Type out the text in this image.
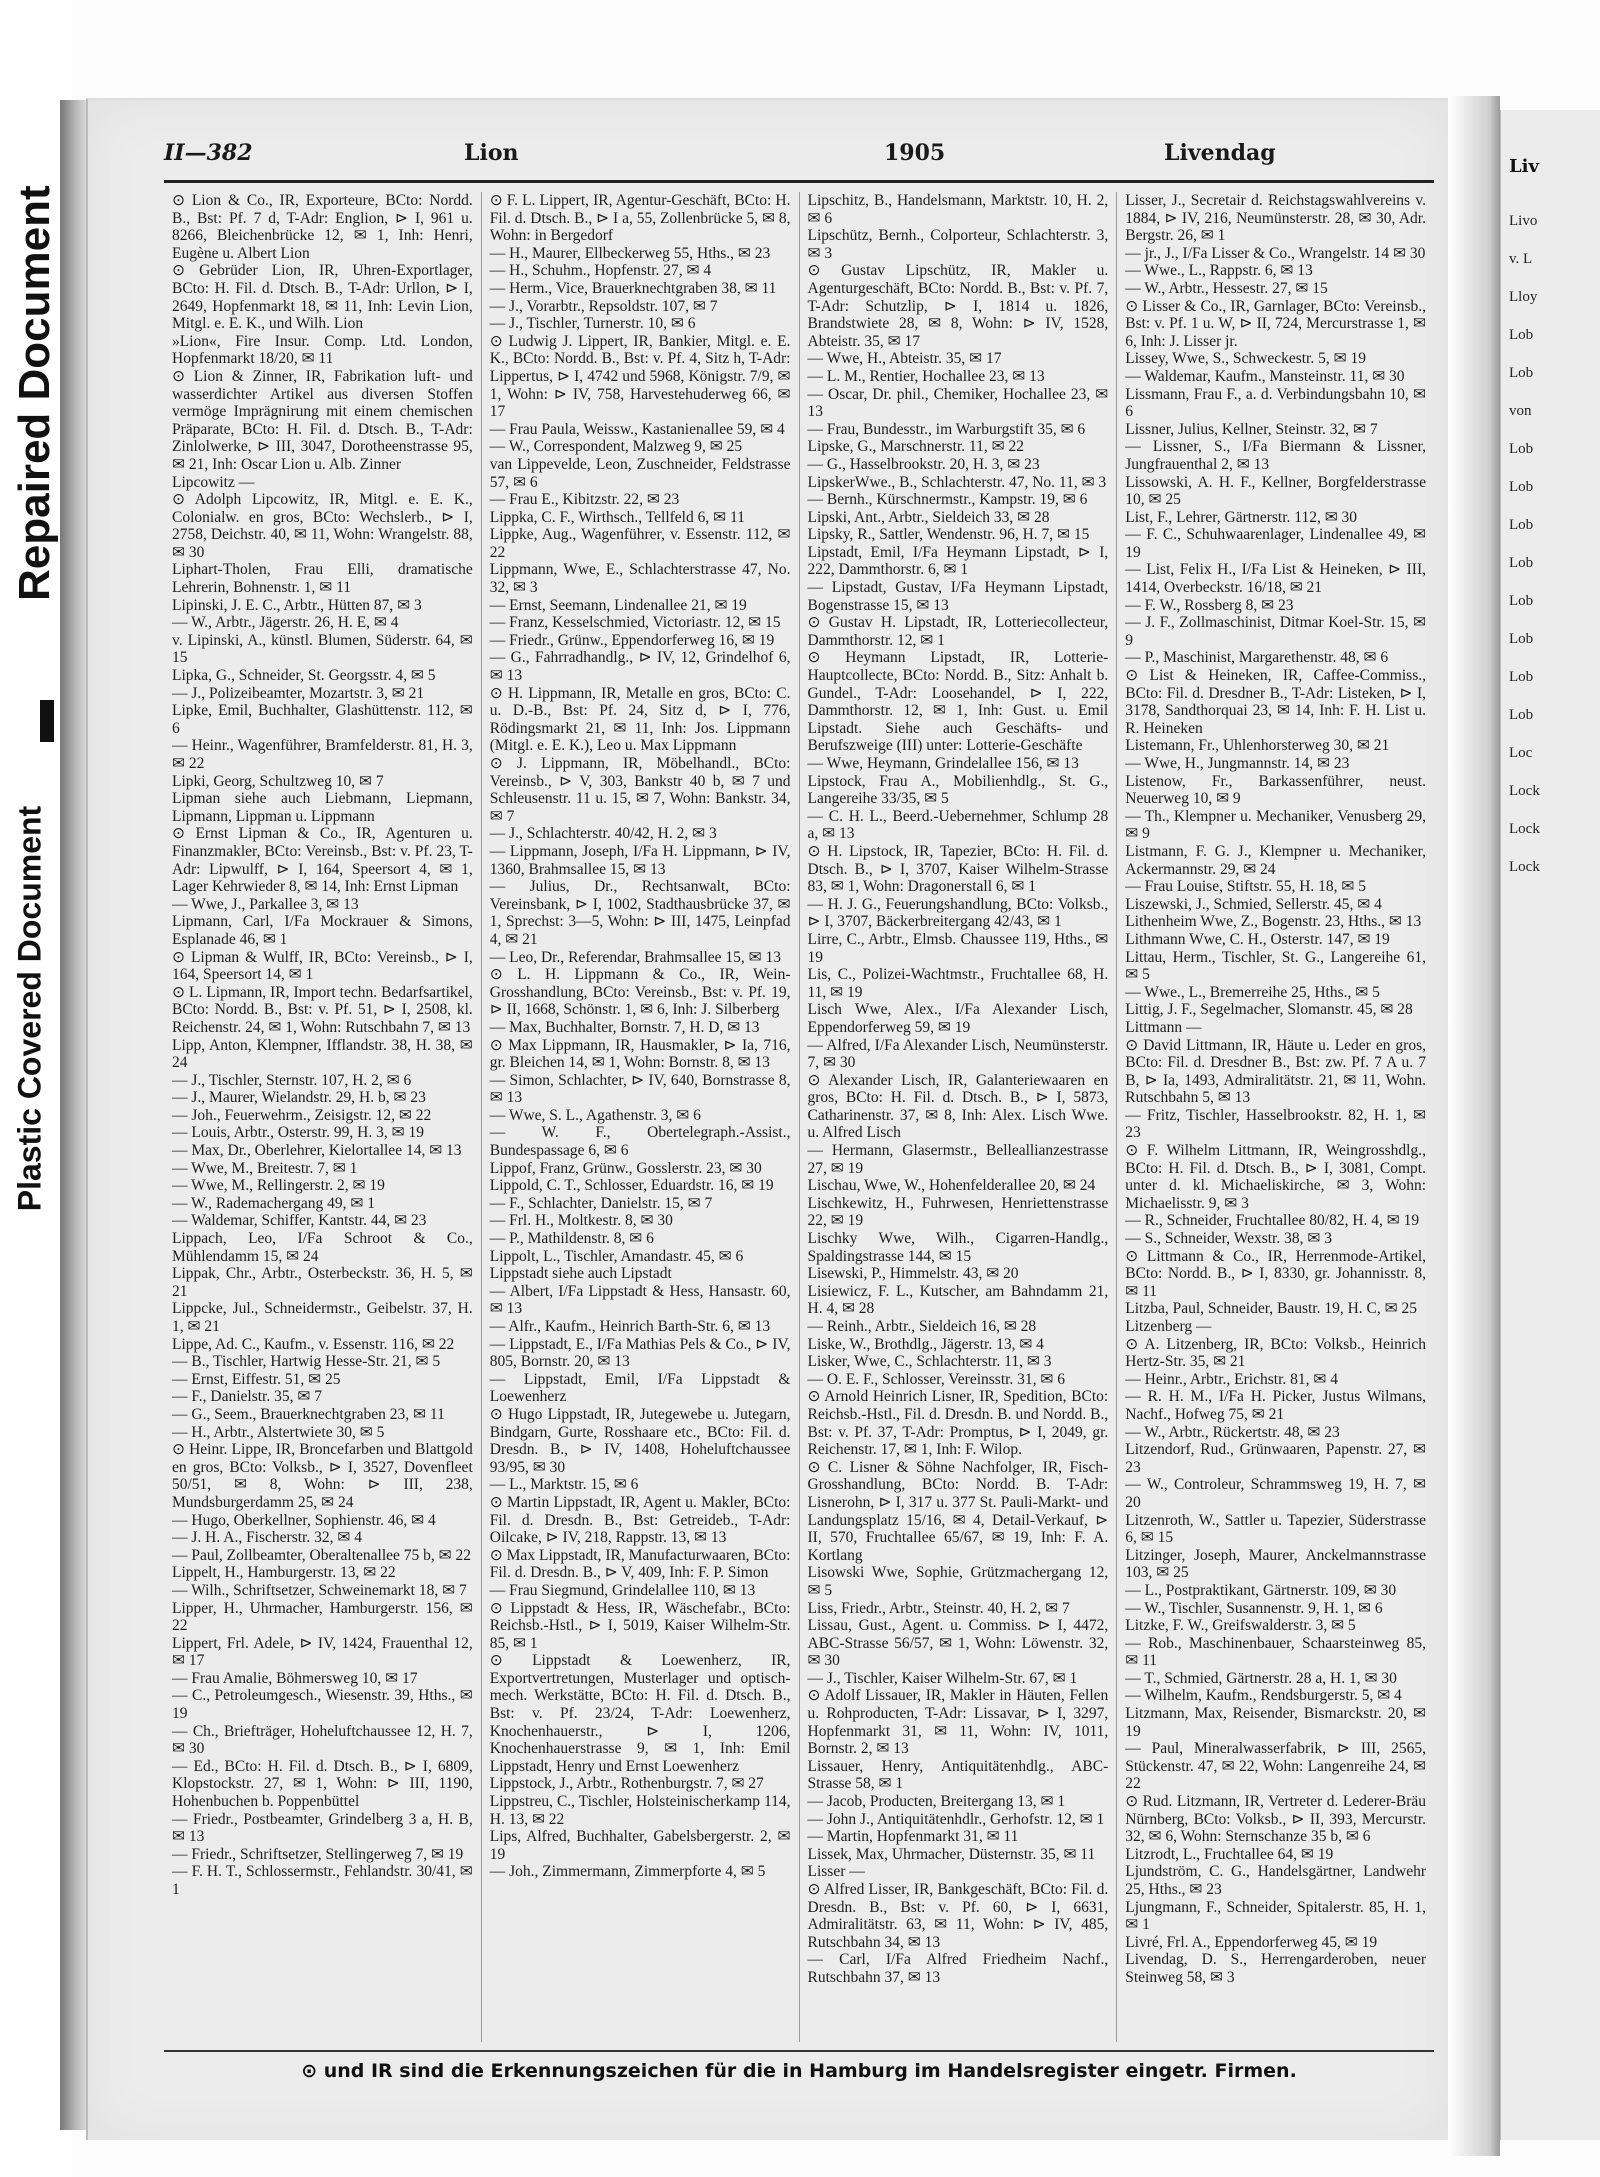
Repaired Document
Plastic Covered Document
II—382	Lion	1905	Livendag

⊙ Lion & Co., IR, Exporteure, BCto: Nordd. B., Bst: Pf. 7 d, T-Adr: Englion, ⊳ I, 961 u. 8266, Bleichenbrücke 12, ✉ 1, Inh: Henri, Eugène u. Albert Lion

⊙ Gebrüder Lion, IR, Uhren-Exportlager, BCto: H. Fil. d. Dtsch. B., T-Adr: Urllon, ⊳ I, 2649, Hopfenmarkt 18, ✉ 11, Inh: Levin Lion, Mitgl. e. E. K., und Wilh. Lion

»Lion«, Fire Insur. Comp. Ltd. London, Hopfenmarkt 18/20, ✉ 11

⊙ Lion & Zinner, IR, Fabrikation luft- und wasserdichter Artikel aus diversen Stoffen vermöge Imprägnirung mit einem chemischen Präparate, BCto: H. Fil. d. Dtsch. B., T-Adr: Zinlolwerke, ⊳ III, 3047, Dorotheenstrasse 95, ✉ 21, Inh: Oscar Lion u. Alb. Zinner

Lipcowitz —

⊙ Adolph Lipcowitz, IR, Mitgl. e. E. K., Colonialw. en gros, BCto: Wechslerb., ⊳ I, 2758, Deichstr. 40, ✉ 11, Wohn: Wrangelstr. 88, ✉ 30

Liphart-Tholen, Frau Elli, dramatische Lehrerin, Bohnenstr. 1, ✉ 11

Lipinski, J. E. C., Arbtr., Hütten 87, ✉ 3

— W., Arbtr., Jägerstr. 26, H. E, ✉ 4

v. Lipinski, A., künstl. Blumen, Süderstr. 64, ✉ 15

Lipka, G., Schneider, St. Georgsstr. 4, ✉ 5

— J., Polizeibeamter, Mozartstr. 3, ✉ 21

Lipke, Emil, Buchhalter, Glashüttenstr. 112, ✉ 6

— Heinr., Wagenführer, Bramfelderstr. 81, H. 3, ✉ 22

Lipki, Georg, Schultzweg 10, ✉ 7

Lipman siehe auch Liebmann, Liepmann, Lipmann, Lippman u. Lippmann

⊙ Ernst Lipman & Co., IR, Agenturen u. Finanzmakler, BCto: Vereinsb., Bst: v. Pf. 23, T-Adr: Lipwulff, ⊳ I, 164, Speersort 4, ✉ 1, Lager Kehrwieder 8, ✉ 14, Inh: Ernst Lipman

— Wwe, J., Parkallee 3, ✉ 13

Lipmann, Carl, I/Fa Mockrauer & Simons, Esplanade 46, ✉ 1

⊙ Lipman & Wulff, IR, BCto: Vereinsb., ⊳ I, 164, Speersort 14, ✉ 1

⊙ L. Lipmann, IR, Import techn. Bedarfsartikel, BCto: Nordd. B., Bst: v. Pf. 51, ⊳ I, 2508, kl. Reichenstr. 24, ✉ 1, Wohn: Rutschbahn 7, ✉ 13

Lipp, Anton, Klempner, Ifflandstr. 38, H. 38, ✉ 24

— J., Tischler, Sternstr. 107, H. 2, ✉ 6

— J., Maurer, Wielandstr. 29, H. b, ✉ 23

— Joh., Feuerwehrm., Zeisigstr. 12, ✉ 22

— Louis, Arbtr., Osterstr. 99, H. 3, ✉ 19

— Max, Dr., Oberlehrer, Kielortallee 14, ✉ 13

— Wwe, M., Breitestr. 7, ✉ 1

— Wwe, M., Rellingerstr. 2, ✉ 19

— W., Rademachergang 49, ✉ 1

— Waldemar, Schiffer, Kantstr. 44, ✉ 23

Lippach, Leo, I/Fa Schroot & Co., Mühlendamm 15, ✉ 24

Lippak, Chr., Arbtr., Osterbeckstr. 36, H. 5, ✉ 21

Lippcke, Jul., Schneidermstr., Geibelstr. 37, H. 1, ✉ 21

Lippe, Ad. C., Kaufm., v. Essenstr. 116, ✉ 22

— B., Tischler, Hartwig Hesse-Str. 21, ✉ 5

— Ernst, Eiffestr. 51, ✉ 25

— F., Danielstr. 35, ✉ 7

— G., Seem., Brauerknechtgraben 23, ✉ 11

— H., Arbtr., Alstertwiete 30, ✉ 5

⊙ Heinr. Lippe, IR, Broncefarben und Blattgold en gros, BCto: Volksb., ⊳ I, 3527, Dovenfleet 50/51, ✉ 8, Wohn: ⊳ III, 238, Mundsburgerdamm 25, ✉ 24

— Hugo, Oberkellner, Sophienstr. 46, ✉ 4

— J. H. A., Fischerstr. 32, ✉ 4

— Paul, Zollbeamter, Oberaltenallee 75 b, ✉ 22

Lippelt, H., Hamburgerstr. 13, ✉ 22

— Wilh., Schriftsetzer, Schweinemarkt 18, ✉ 7

Lipper, H., Uhrmacher, Hamburgerstr. 156, ✉ 22

Lippert, Frl. Adele, ⊳ IV, 1424, Frauenthal 12, ✉ 17

— Frau Amalie, Böhmersweg 10, ✉ 17

— C., Petroleumgesch., Wiesenstr. 39, Hths., ✉ 19

— Ch., Briefträger, Hoheluftchaussee 12, H. 7, ✉ 30

— Ed., BCto: H. Fil. d. Dtsch. B., ⊳ I, 6809, Klopstockstr. 27, ✉ 1, Wohn: ⊳ III, 1190, Hohenbuchen b. Poppenbüttel

— Friedr., Postbeamter, Grindelberg 3 a, H. B, ✉ 13

— Friedr., Schriftsetzer, Stellingerweg 7, ✉ 19

— F. H. T., Schlossermstr., Fehlandstr. 30/41, ✉ 1

⊙ F. L. Lippert, IR, Agentur-Geschäft, BCto: H. Fil. d. Dtsch. B., ⊳ I a, 55, Zollenbrücke 5, ✉ 8, Wohn: in Bergedorf

— H., Maurer, Ellbeckerweg 55, Hths., ✉ 23

— H., Schuhm., Hopfenstr. 27, ✉ 4

— Herm., Vice, Brauerknechtgraben 38, ✉ 11

— J., Vorarbtr., Repsoldstr. 107, ✉ 7

— J., Tischler, Turnerstr. 10, ✉ 6

⊙ Ludwig J. Lippert, IR, Bankier, Mitgl. e. E. K., BCto: Nordd. B., Bst: v. Pf. 4, Sitz h, T-Adr: Lippertus, ⊳ I, 4742 und 5968, Königstr. 7/9, ✉ 1, Wohn: ⊳ IV, 758, Harvestehuderweg 66, ✉ 17

— Frau Paula, Weissw., Kastanienallee 59, ✉ 4

— W., Correspondent, Malzweg 9, ✉ 25

van Lippevelde, Leon, Zuschneider, Feldstrasse 57, ✉ 6

— Frau E., Kibitzstr. 22, ✉ 23

Lippka, C. F., Wirthsch., Tellfeld 6, ✉ 11

Lippke, Aug., Wagenführer, v. Essenstr. 112, ✉ 22

Lippmann, Wwe, E., Schlachterstrasse 47, No. 32, ✉ 3

— Ernst, Seemann, Lindenallee 21, ✉ 19

— Franz, Kesselschmied, Victoriastr. 12, ✉ 15

— Friedr., Grünw., Eppendorferweg 16, ✉ 19

— G., Fahrradhandlg., ⊳ IV, 12, Grindelhof 6, ✉ 13

⊙ H. Lippmann, IR, Metalle en gros, BCto: C. u. D.-B., Bst: Pf. 24, Sitz d, ⊳ I, 776, Rödingsmarkt 21, ✉ 11, Inh: Jos. Lippmann (Mitgl. e. E. K.), Leo u. Max Lippmann

⊙ J. Lippmann, IR, Möbelhandl., BCto: Vereinsb., ⊳ V, 303, Bankstr 40 b, ✉ 7 und Schleusenstr. 11 u. 15, ✉ 7, Wohn: Bankstr. 34, ✉ 7

— J., Schlachterstr. 40/42, H. 2, ✉ 3

— Lippmann, Joseph, I/Fa H. Lippmann, ⊳ IV, 1360, Brahmsallee 15, ✉ 13

— Julius, Dr., Rechtsanwalt, BCto: Vereinsbank, ⊳ I, 1002, Stadthausbrücke 37, ✉ 1, Sprechst: 3—5, Wohn: ⊳ III, 1475, Leinpfad 4, ✉ 21

— Leo, Dr., Referendar, Brahmsallee 15, ✉ 13

⊙ L. H. Lippmann & Co., IR, Wein-Grosshandlung, BCto: Vereinsb., Bst: v. Pf. 19, ⊳ II, 1668, Schönstr. 1, ✉ 6, Inh: J. Silberberg

— Max, Buchhalter, Bornstr. 7, H. D, ✉ 13

⊙ Max Lippmann, IR, Hausmakler, ⊳ Ia, 716, gr. Bleichen 14, ✉ 1, Wohn: Bornstr. 8, ✉ 13

— Simon, Schlachter, ⊳ IV, 640, Bornstrasse 8, ✉ 13

— Wwe, S. L., Agathenstr. 3, ✉ 6

— W. F., Obertelegraph.-Assist., Bundespassage 6, ✉ 6

Lippof, Franz, Grünw., Gosslerstr. 23, ✉ 30

Lippold, C. T., Schlosser, Eduardstr. 16, ✉ 19

— F., Schlachter, Danielstr. 15, ✉ 7

— Frl. H., Moltkestr. 8, ✉ 30

— P., Mathildenstr. 8, ✉ 6

Lippolt, L., Tischler, Amandastr. 45, ✉ 6

Lippstadt siehe auch Lipstadt

— Albert, I/Fa Lippstadt & Hess, Hansastr. 60, ✉ 13

— Alfr., Kaufm., Heinrich Barth-Str. 6, ✉ 13

— Lippstadt, E., I/Fa Mathias Pels & Co., ⊳ IV, 805, Bornstr. 20, ✉ 13

— Lippstadt, Emil, I/Fa Lippstadt & Loewenherz

⊙ Hugo Lippstadt, IR, Jutegewebe u. Jutegarn, Bindgarn, Gurte, Rosshaare etc., BCto: Fil. d. Dresdn. B., ⊳ IV, 1408, Hoheluftchaussee 93/95, ✉ 30

— L., Marktstr. 15, ✉ 6

⊙ Martin Lippstadt, IR, Agent u. Makler, BCto: Fil. d. Dresdn. B., Bst: Getreideb., T-Adr: Oilcake, ⊳ IV, 218, Rappstr. 13, ✉ 13

⊙ Max Lippstadt, IR, Manufacturwaaren, BCto: Fil. d. Dresdn. B., ⊳ V, 409, Inh: F. P. Simon

— Frau Siegmund, Grindelallee 110, ✉ 13

⊙ Lippstadt & Hess, IR, Wäschefabr., BCto: Reichsb.-Hstl., ⊳ I, 5019, Kaiser Wilhelm-Str. 85, ✉ 1

⊙ Lippstadt & Loewenherz, IR, Exportvertretungen, Musterlager und optisch-mech. Werkstätte, BCto: H. Fil. d. Dtsch. B., Bst: v. Pf. 23/24, T-Adr: Loewenherz, Knochenhauerstr., ⊳ I, 1206, Knochenhauerstrasse 9, ✉ 1, Inh: Emil Lippstadt, Henry und Ernst Loewenherz

Lippstock, J., Arbtr., Rothenburgstr. 7, ✉ 27

Lippstreu, C., Tischler, Holsteinischerkamp 114, H. 13, ✉ 22

Lips, Alfred, Buchhalter, Gabelsbergerstr. 2, ✉ 19

— Joh., Zimmermann, Zimmerpforte 4, ✉ 5

Lipschitz, B., Handelsmann, Marktstr. 10, H. 2, ✉ 6

Lipschütz, Bernh., Colporteur, Schlachterstr. 3, ✉ 3

⊙ Gustav Lipschütz, IR, Makler u. Agenturgeschäft, BCto: Nordd. B., Bst: v. Pf. 7, T-Adr: Schutzlip, ⊳ I, 1814 u. 1826, Brandstwiete 28, ✉ 8, Wohn: ⊳ IV, 1528, Abteistr. 35, ✉ 17

— Wwe, H., Abteistr. 35, ✉ 17

— L. M., Rentier, Hochallee 23, ✉ 13

— Oscar, Dr. phil., Chemiker, Hochallee 23, ✉ 13

— Frau, Bundesstr., im Warburgstift 35, ✉ 6

Lipske, G., Marschnerstr. 11, ✉ 22

— G., Hasselbrookstr. 20, H. 3, ✉ 23

LipskerWwe., B., Schlachterstr. 47, No. 11, ✉ 3

— Bernh., Kürschnermstr., Kampstr. 19, ✉ 6

Lipski, Ant., Arbtr., Sieldeich 33, ✉ 28

Lipsky, R., Sattler, Wendenstr. 96, H. 7, ✉ 15

Lipstadt, Emil, I/Fa Heymann Lipstadt, ⊳ I, 222, Dammthorstr. 6, ✉ 1

— Lipstadt, Gustav, I/Fa Heymann Lipstadt, Bogenstrasse 15, ✉ 13

⊙ Gustav H. Lipstadt, IR, Lotteriecollecteur, Dammthorstr. 12, ✉ 1

⊙ Heymann Lipstadt, IR, Lotterie-Hauptcollecte, BCto: Nordd. B., Sitz: Anhalt b. Gundel., T-Adr: Loosehandel, ⊳ I, 222, Dammthorstr. 12, ✉ 1, Inh: Gust. u. Emil Lipstadt. Siehe auch Geschäfts- und Berufszweige (III) unter: Lotterie-Geschäfte

— Wwe, Heymann, Grindelallee 156, ✉ 13

Lipstock, Frau A., Mobilienhdlg., St. G., Langereihe 33/35, ✉ 5

— C. H. L., Beerd.-Uebernehmer, Schlump 28 a, ✉ 13

⊙ H. Lipstock, IR, Tapezier, BCto: H. Fil. d. Dtsch. B., ⊳ I, 3707, Kaiser Wilhelm-Strasse 83, ✉ 1, Wohn: Dragonerstall 6, ✉ 1

— H. J. G., Feuerungshandlung, BCto: Volksb., ⊳ I, 3707, Bäckerbreitergang 42/43, ✉ 1

Lirre, C., Arbtr., Elmsb. Chaussee 119, Hths., ✉ 19

Lis, C., Polizei-Wachtmstr., Fruchtallee 68, H. 11, ✉ 19

Lisch Wwe, Alex., I/Fa Alexander Lisch, Eppendorferweg 59, ✉ 19

— Alfred, I/Fa Alexander Lisch, Neumünsterstr. 7, ✉ 30

⊙ Alexander Lisch, IR, Galanteriewaaren en gros, BCto: H. Fil. d. Dtsch. B., ⊳ I, 5873, Catharinenstr. 37, ✉ 8, Inh: Alex. Lisch Wwe. u. Alfred Lisch

— Hermann, Glasermstr., Belleallianzestrasse 27, ✉ 19

Lischau, Wwe, W., Hohenfelderallee 20, ✉ 24

Lischkewitz, H., Fuhrwesen, Henriettenstrasse 22, ✉ 19

Lischky Wwe, Wilh., Cigarren-Handlg., Spaldingstrasse 144, ✉ 15

Lisewski, P., Himmelstr. 43, ✉ 20

Lisiewicz, F. L., Kutscher, am Bahndamm 21, H. 4, ✉ 28

— Reinh., Arbtr., Sieldeich 16, ✉ 28

Liske, W., Brothdlg., Jägerstr. 13, ✉ 4

Lisker, Wwe, C., Schlachterstr. 11, ✉ 3

— O. E. F., Schlosser, Vereinsstr. 31, ✉ 6

⊙ Arnold Heinrich Lisner, IR, Spedition, BCto: Reichsb.-Hstl., Fil. d. Dresdn. B. und Nordd. B., Bst: v. Pf. 37, T-Adr: Promptus, ⊳ I, 2049, gr. Reichenstr. 17, ✉ 1, Inh: F. Wilop.

⊙ C. Lisner & Söhne Nachfolger, IR, Fisch-Grosshandlung, BCto: Nordd. B. T-Adr: Lisnerohn, ⊳ I, 317 u. 377 St. Pauli-Markt- und Landungsplatz 15/16, ✉ 4, Detail-Verkauf, ⊳ II, 570, Fruchtallee 65/67, ✉ 19, Inh: F. A. Kortlang

Lisowski Wwe, Sophie, Grützmachergang 12, ✉ 5

Liss, Friedr., Arbtr., Steinstr. 40, H. 2, ✉ 7

Lissau, Gust., Agent. u. Commiss. ⊳ I, 4472, ABC-Strasse 56/57, ✉ 1, Wohn: Löwenstr. 32, ✉ 30

— J., Tischler, Kaiser Wilhelm-Str. 67, ✉ 1

⊙ Adolf Lissauer, IR, Makler in Häuten, Fellen u. Rohproducten, T-Adr: Lissavar, ⊳ I, 3297, Hopfenmarkt 31, ✉ 11, Wohn: IV, 1011, Bornstr. 2, ✉ 13

Lissauer, Henry, Antiquitätenhdlg., ABC-Strasse 58, ✉ 1

— Jacob, Producten, Breitergang 13, ✉ 1

— John J., Antiquitätenhdlr., Gerhofstr. 12, ✉ 1

— Martin, Hopfenmarkt 31, ✉ 11

Lissek, Max, Uhrmacher, Düsternstr. 35, ✉ 11

Lisser —

⊙ Alfred Lisser, IR, Bankgeschäft, BCto: Fil. d. Dresdn. B., Bst: v. Pf. 60, ⊳ I, 6631, Admiralitätstr. 63, ✉ 11, Wohn: ⊳ IV, 485, Rutschbahn 34, ✉ 13

— Carl, I/Fa Alfred Friedheim Nachf., Rutschbahn 37, ✉ 13

Lisser, J., Secretair d. Reichstagswahlvereins v. 1884, ⊳ IV, 216, Neumünsterstr. 28, ✉ 30, Adr. Bergstr. 26, ✉ 1

— jr., J., I/Fa Lisser & Co., Wrangelstr. 14 ✉ 30

— Wwe., L., Rappstr. 6, ✉ 13

— W., Arbtr., Hessestr. 27, ✉ 15

⊙ Lisser & Co., IR, Garnlager, BCto: Vereinsb., Bst: v. Pf. 1 u. W, ⊳ II, 724, Mercurstrasse 1, ✉ 6, Inh: J. Lisser jr.

Lissey, Wwe, S., Schweckestr. 5, ✉ 19

— Waldemar, Kaufm., Mansteinstr. 11, ✉ 30

Lissmann, Frau F., a. d. Verbindungsbahn 10, ✉ 6

Lissner, Julius, Kellner, Steinstr. 32, ✉ 7

— Lissner, S., I/Fa Biermann & Lissner, Jungfrauenthal 2, ✉ 13

Lissowski, A. H. F., Kellner, Borgfelderstrasse 10, ✉ 25

List, F., Lehrer, Gärtnerstr. 112, ✉ 30

— F. C., Schuhwaarenlager, Lindenallee 49, ✉ 19

— List, Felix H., I/Fa List & Heineken, ⊳ III, 1414, Overbeckstr. 16/18, ✉ 21

— F. W., Rossberg 8, ✉ 23

— J. F., Zollmaschinist, Ditmar Koel-Str. 15, ✉ 9

— P., Maschinist, Margarethenstr. 48, ✉ 6

⊙ List & Heineken, IR, Caffee-Commiss., BCto: Fil. d. Dresdner B., T-Adr: Listeken, ⊳ I, 3178, Sandthorquai 23, ✉ 14, Inh: F. H. List u. R. Heineken

Listemann, Fr., Uhlenhorsterweg 30, ✉ 21

— Wwe, H., Jungmannstr. 14, ✉ 23

Listenow, Fr., Barkassenführer, neust. Neuerweg 10, ✉ 9

— Th., Klempner u. Mechaniker, Venusberg 29, ✉ 9

Listmann, F. G. J., Klempner u. Mechaniker, Ackermannstr. 29, ✉ 24

— Frau Louise, Stiftstr. 55, H. 18, ✉ 5

Liszewski, J., Schmied, Sellerstr. 45, ✉ 4

Lithenheim Wwe, Z., Bogenstr. 23, Hths., ✉ 13

Lithmann Wwe, C. H., Osterstr. 147, ✉ 19

Littau, Herm., Tischler, St. G., Langereihe 61, ✉ 5

— Wwe., L., Bremerreihe 25, Hths., ✉ 5

Littig, J. F., Segelmacher, Slomanstr. 45, ✉ 28

Littmann —

⊙ David Littmann, IR, Häute u. Leder en gros, BCto: Fil. d. Dresdner B., Bst: zw. Pf. 7 A u. 7 B, ⊳ Ia, 1493, Admiralitätstr. 21, ✉ 11, Wohn. Rutschbahn 5, ✉ 13

— Fritz, Tischler, Hasselbrookstr. 82, H. 1, ✉ 23

⊙ F. Wilhelm Littmann, IR, Weingrosshdlg., BCto: H. Fil. d. Dtsch. B., ⊳ I, 3081, Compt. unter d. kl. Michaeliskirche, ✉ 3, Wohn: Michaelisstr. 9, ✉ 3

— R., Schneider, Fruchtallee 80/82, H. 4, ✉ 19

— S., Schneider, Wexstr. 38, ✉ 3

⊙ Littmann & Co., IR, Herrenmode-Artikel, BCto: Nordd. B., ⊳ I, 8330, gr. Johannisstr. 8, ✉ 11

Litzba, Paul, Schneider, Baustr. 19, H. C, ✉ 25

Litzenberg —

⊙ A. Litzenberg, IR, BCto: Volksb., Heinrich Hertz-Str. 35, ✉ 21

— Heinr., Arbtr., Erichstr. 81, ✉ 4

— R. H. M., I/Fa H. Picker, Justus Wilmans, Nachf., Hofweg 75, ✉ 21

— W., Arbtr., Rückertstr. 48, ✉ 23

Litzendorf, Rud., Grünwaaren, Papenstr. 27, ✉ 23

— W., Controleur, Schrammsweg 19, H. 7, ✉ 20

Litzenroth, W., Sattler u. Tapezier, Süderstrasse 6, ✉ 15

Litzinger, Joseph, Maurer, Anckelmannstrasse 103, ✉ 25

— L., Postpraktikant, Gärtnerstr. 109, ✉ 30

— W., Tischler, Susannenstr. 9, H. 1, ✉ 6

Litzke, F. W., Greifswalderstr. 3, ✉ 5

— Rob., Maschinenbauer, Schaarsteinweg 85, ✉ 11

— T., Schmied, Gärtnerstr. 28 a, H. 1, ✉ 30

— Wilhelm, Kaufm., Rendsburgerstr. 5, ✉ 4

Litzmann, Max, Reisender, Bismarckstr. 20, ✉ 19

— Paul, Mineralwasserfabrik, ⊳ III, 2565, Stückenstr. 47, ✉ 22, Wohn: Langenreihe 24, ✉ 22

⊙ Rud. Litzmann, IR, Vertreter d. Lederer-Bräu Nürnberg, BCto: Volksb., ⊳ II, 393, Mercurstr. 32, ✉ 6, Wohn: Sternschanze 35 b, ✉ 6

Litzrodt, L., Fruchtallee 64, ✉ 19

Ljundström, C. G., Handelsgärtner, Landwehr 25, Hths., ✉ 23

Ljungmann, F., Schneider, Spitalerstr. 85, H. 1, ✉ 1

Livré, Frl. A., Eppendorferweg 45, ✉ 19

Livendag, D. S., Herrengarderoben, neuer Steinweg 58, ✉ 3

⊙ und IR sind die Erkennungszeichen für die in Hamburg im Handelsregister eingetr. Firmen.
Liv
Livo
v. L
Lloy
Lob
Lob
von
Lob
Lob
Lob
Lob
Lob
Lob
Lob
Lob
Loc
Lock
Lock
Lock
